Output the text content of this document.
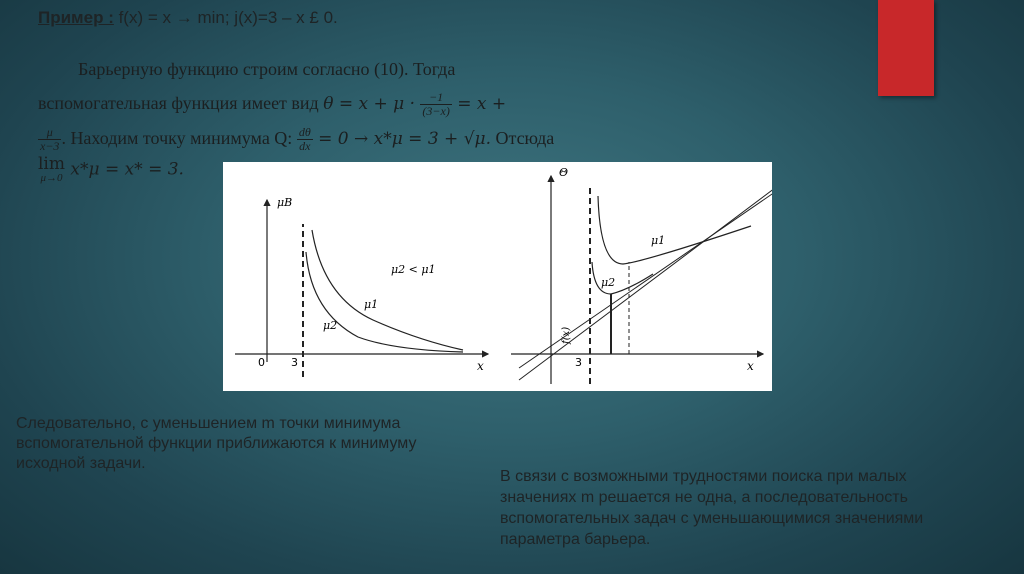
Пример : f(x) = x → min; j(x)=3 – x £ 0.
Барьерную функцию строим согласно (10). Тогда
вспомогательная функция имеет вид $\theta = x + \mu \cdot \frac{-1}{(3-x)} = x$ +
$\frac{\mu}{x-3}$ . Находим точку минимума Q: $\frac{d\theta}{dx} = 0 \to x*\mu = 3 + √\mu$. Отсюда
lim
μ→0 x*μ = x* = 3.
μB
x
0 3
μ1
μ2
μ2 < μ1
Θ
x
3
f(x)
μ1
μ2

Следовательно, с уменьшением m точки минимума вспомогательной функции приближаются к минимуму исходной задачи.

В связи с возможными трудностями поиска при малых значениях m решается не одна, а последовательность вспомогательных задач с уменьшающимися значениями параметра барьера.
